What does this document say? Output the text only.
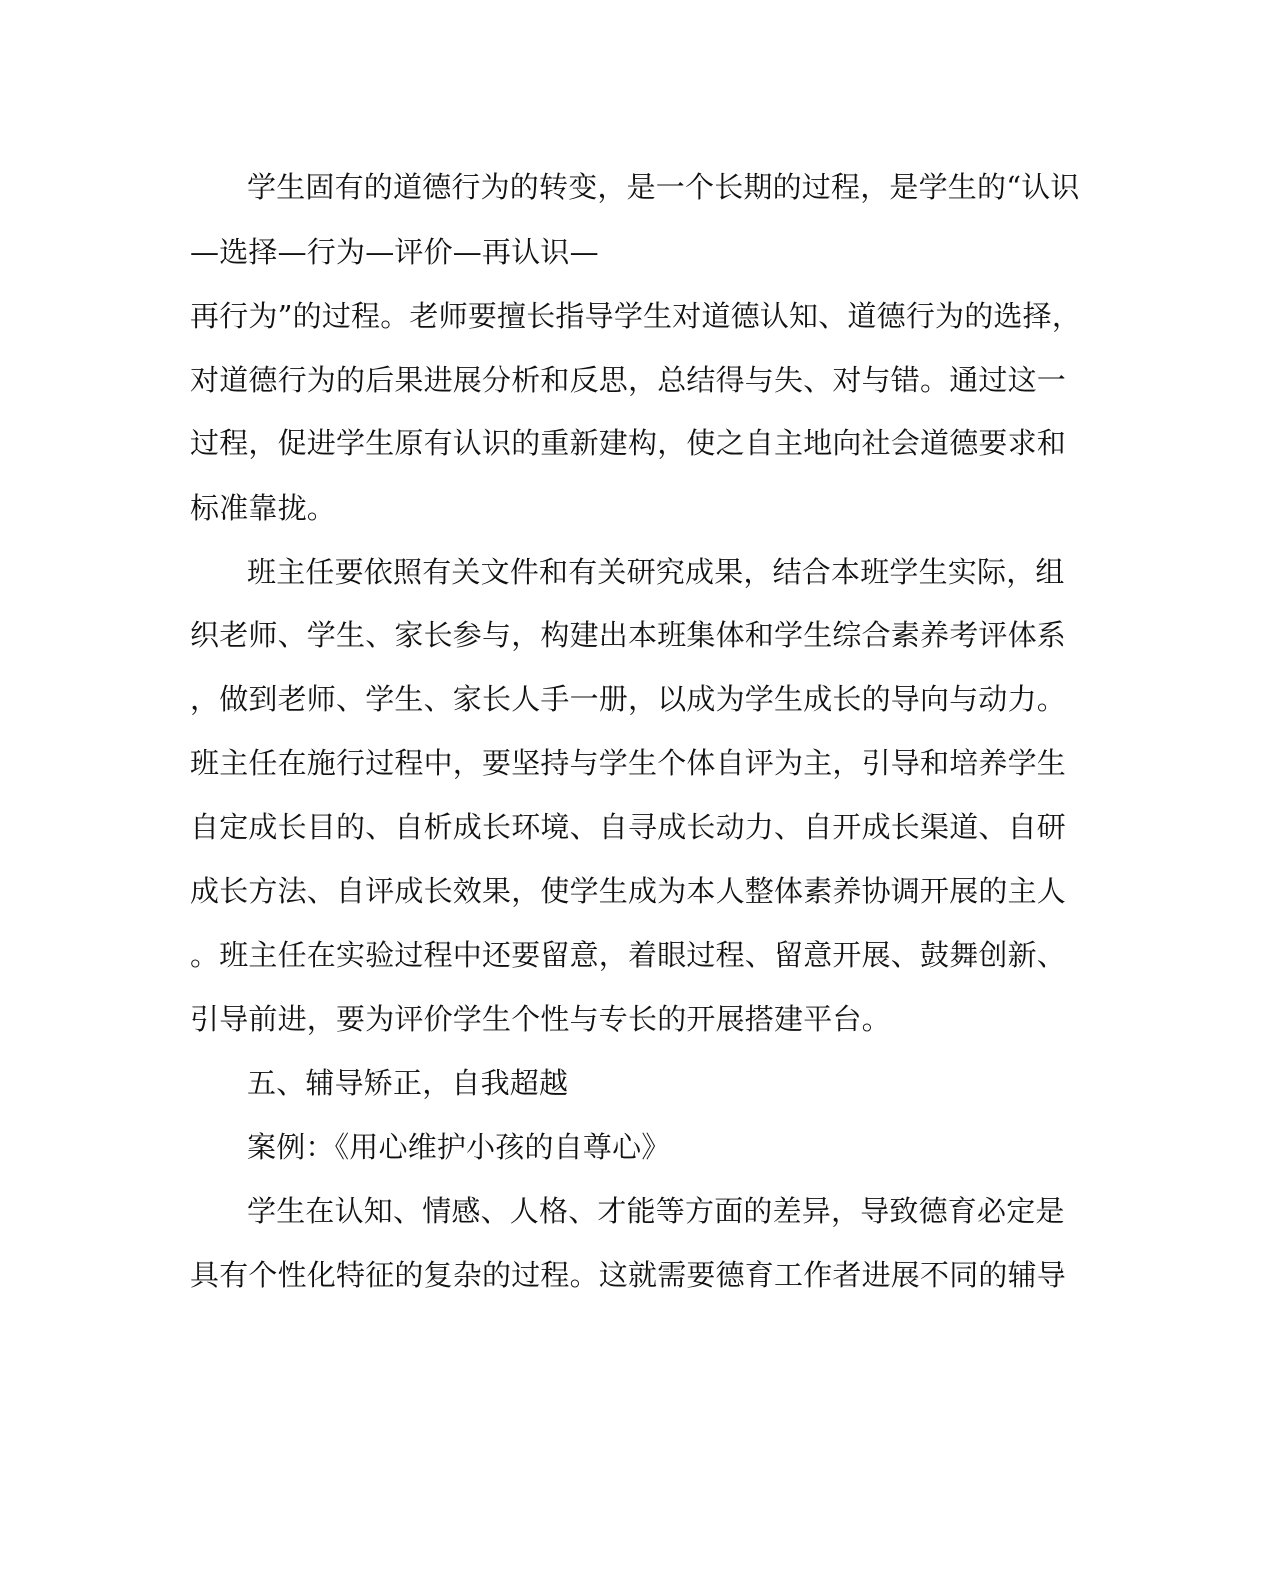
学生固有的道德行为的转变，是一个长期的过程，是学生的“认识
—选择—行为—评价—再认识—
再行为”的过程。老师要擅长指导学生对道德认知、道德行为的选择，
对道德行为的后果进展分析和反思，总结得与失、对与错。通过这一
过程，促进学生原有认识的重新建构，使之自主地向社会道德要求和
标准靠拢。
班主任要依照有关文件和有关研究成果，结合本班学生实际，组
织老师、学生、家长参与，构建出本班集体和学生综合素养考评体系
，做到老师、学生、家长人手一册，以成为学生成长的导向与动力。
班主任在施行过程中，要坚持与学生个体自评为主，引导和培养学生
自定成长目的、自析成长环境、自寻成长动力、自开成长渠道、自研
成长方法、自评成长效果，使学生成为本人整体素养协调开展的主人
。班主任在实验过程中还要留意，着眼过程、留意开展、鼓舞创新、
引导前进，要为评价学生个性与专长的开展搭建平台。
五、辅导矫正，自我超越
案例：《用心维护小孩的自尊心》
学生在认知、情感、人格、才能等方面的差异，导致德育必定是
具有个性化特征的复杂的过程。这就需要德育工作者进展不同的辅导
